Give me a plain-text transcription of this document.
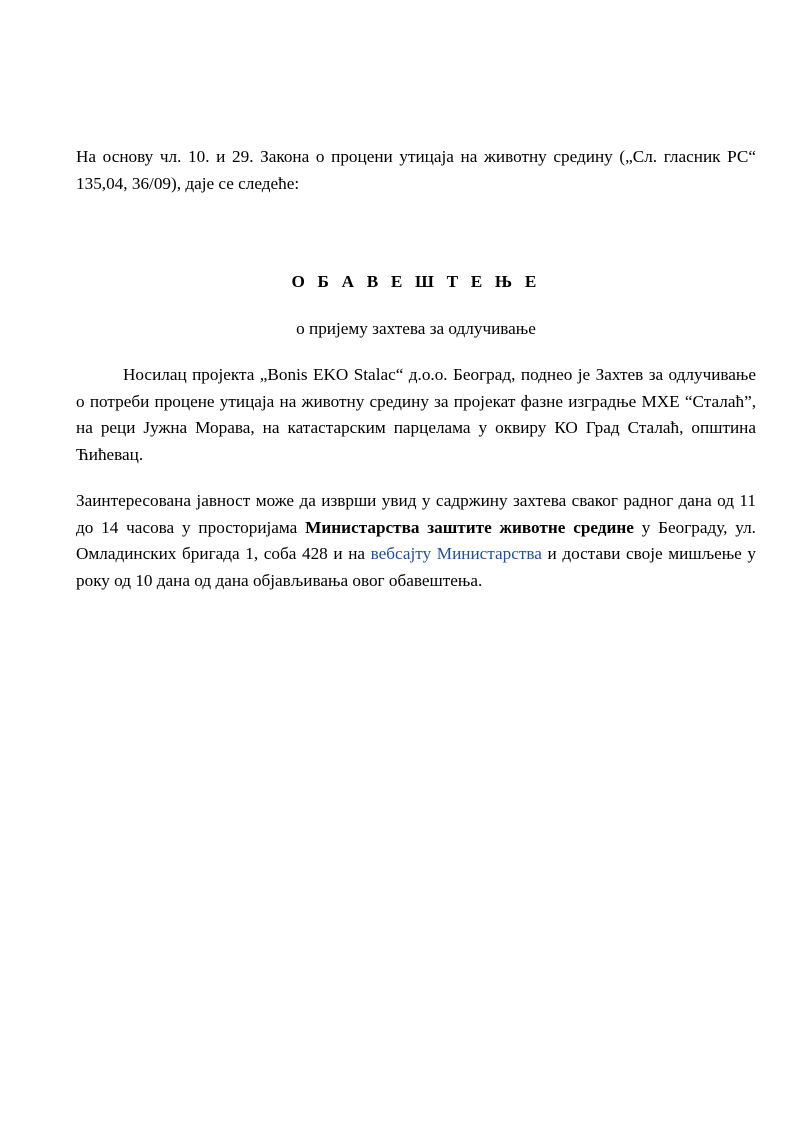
На основу чл. 10. и 29. Закона о процени утицаја на животну средину („Сл. гласник РС“ 135,04, 36/09), даје се следеће:

О Б А В Е Ш Т Е Њ Е

о пријему захтева за одлучивање

Носилац пројекта „Bonis EKO Stalac“ д.о.о. Београд, поднео је Захтев за одлучивање о потреби процене утицаја на животну средину за пројекат фазне изградње МХЕ “Сталаћ”, на реци Јужна Морава, на катастарским парцелама у оквиру КО Град Сталаћ, општина Ћићевац.

Заинтересована јавност може да изврши увид у садржину захтева сваког радног дана од 11 до 14 часова у просторијама Министарства заштите животне средине у Београду, ул. Омладинских бригада 1, соба 428 и на вебсајту Министарства и достави своје мишљење у року од 10 дана од дана објављивања овог обавештења.
